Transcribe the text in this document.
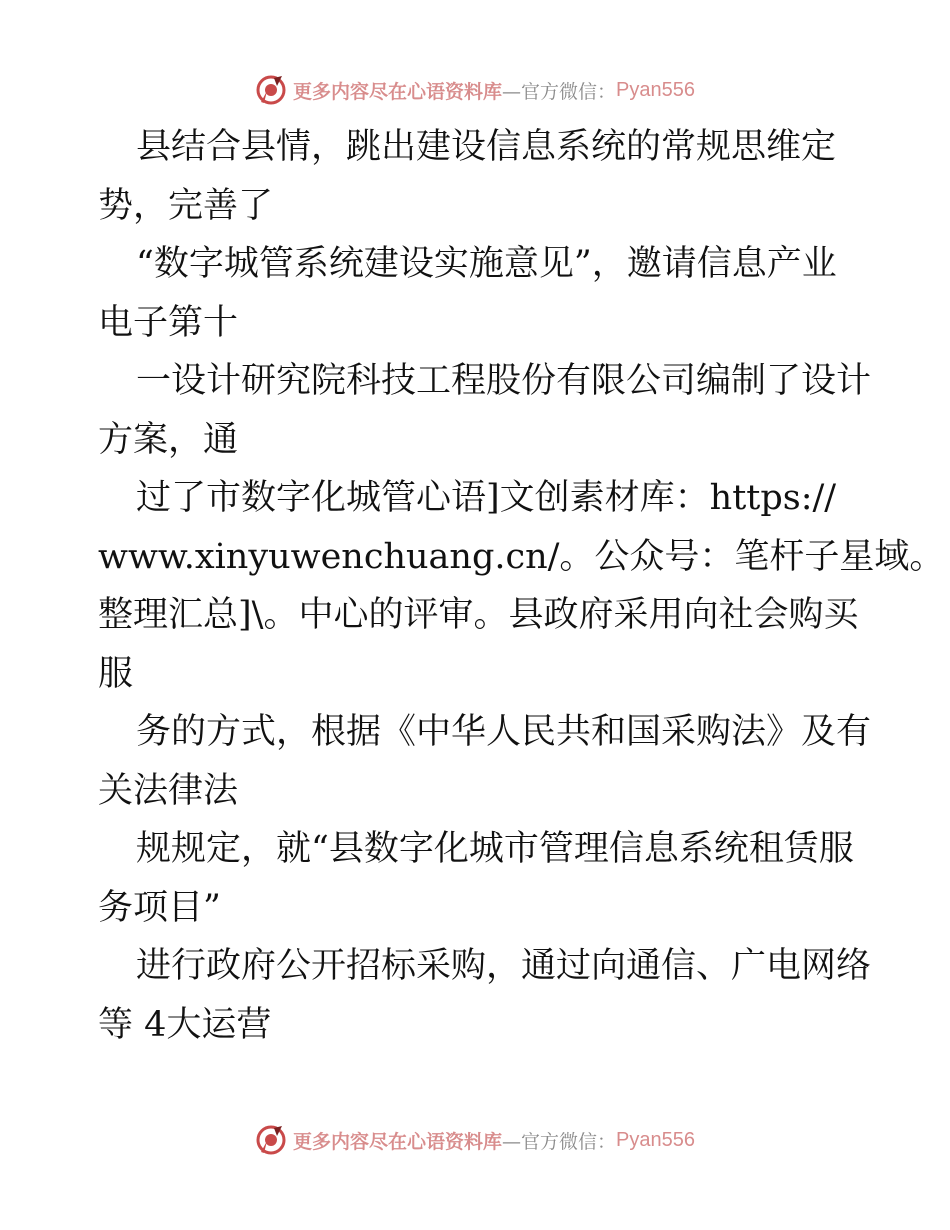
更多内容尽在心语资料库 —官方微信： Pyan556
县结合县情，跳出建设信息系统的常规思维定
势，完善了
“数字城管系统建设实施意见”，邀请信息产业
电子第十
一设计研究院科技工程股份有限公司编制了设计
方案，通
过了市数字化城管心语]文创素材库：https://
www.xinyuwenchuang.cn/。公众号：笔杆子星域。
整理汇总]\。中心的评审。县政府采用向社会购买
服
务的方式，根据《中华人民共和国采购法》及有
关法律法
规规定，就“县数字化城市管理信息系统租赁服
务项目”
进行政府公开招标采购，通过向通信、广电网络
等 4大运营
更多内容尽在心语资料库 —官方微信： Pyan556
